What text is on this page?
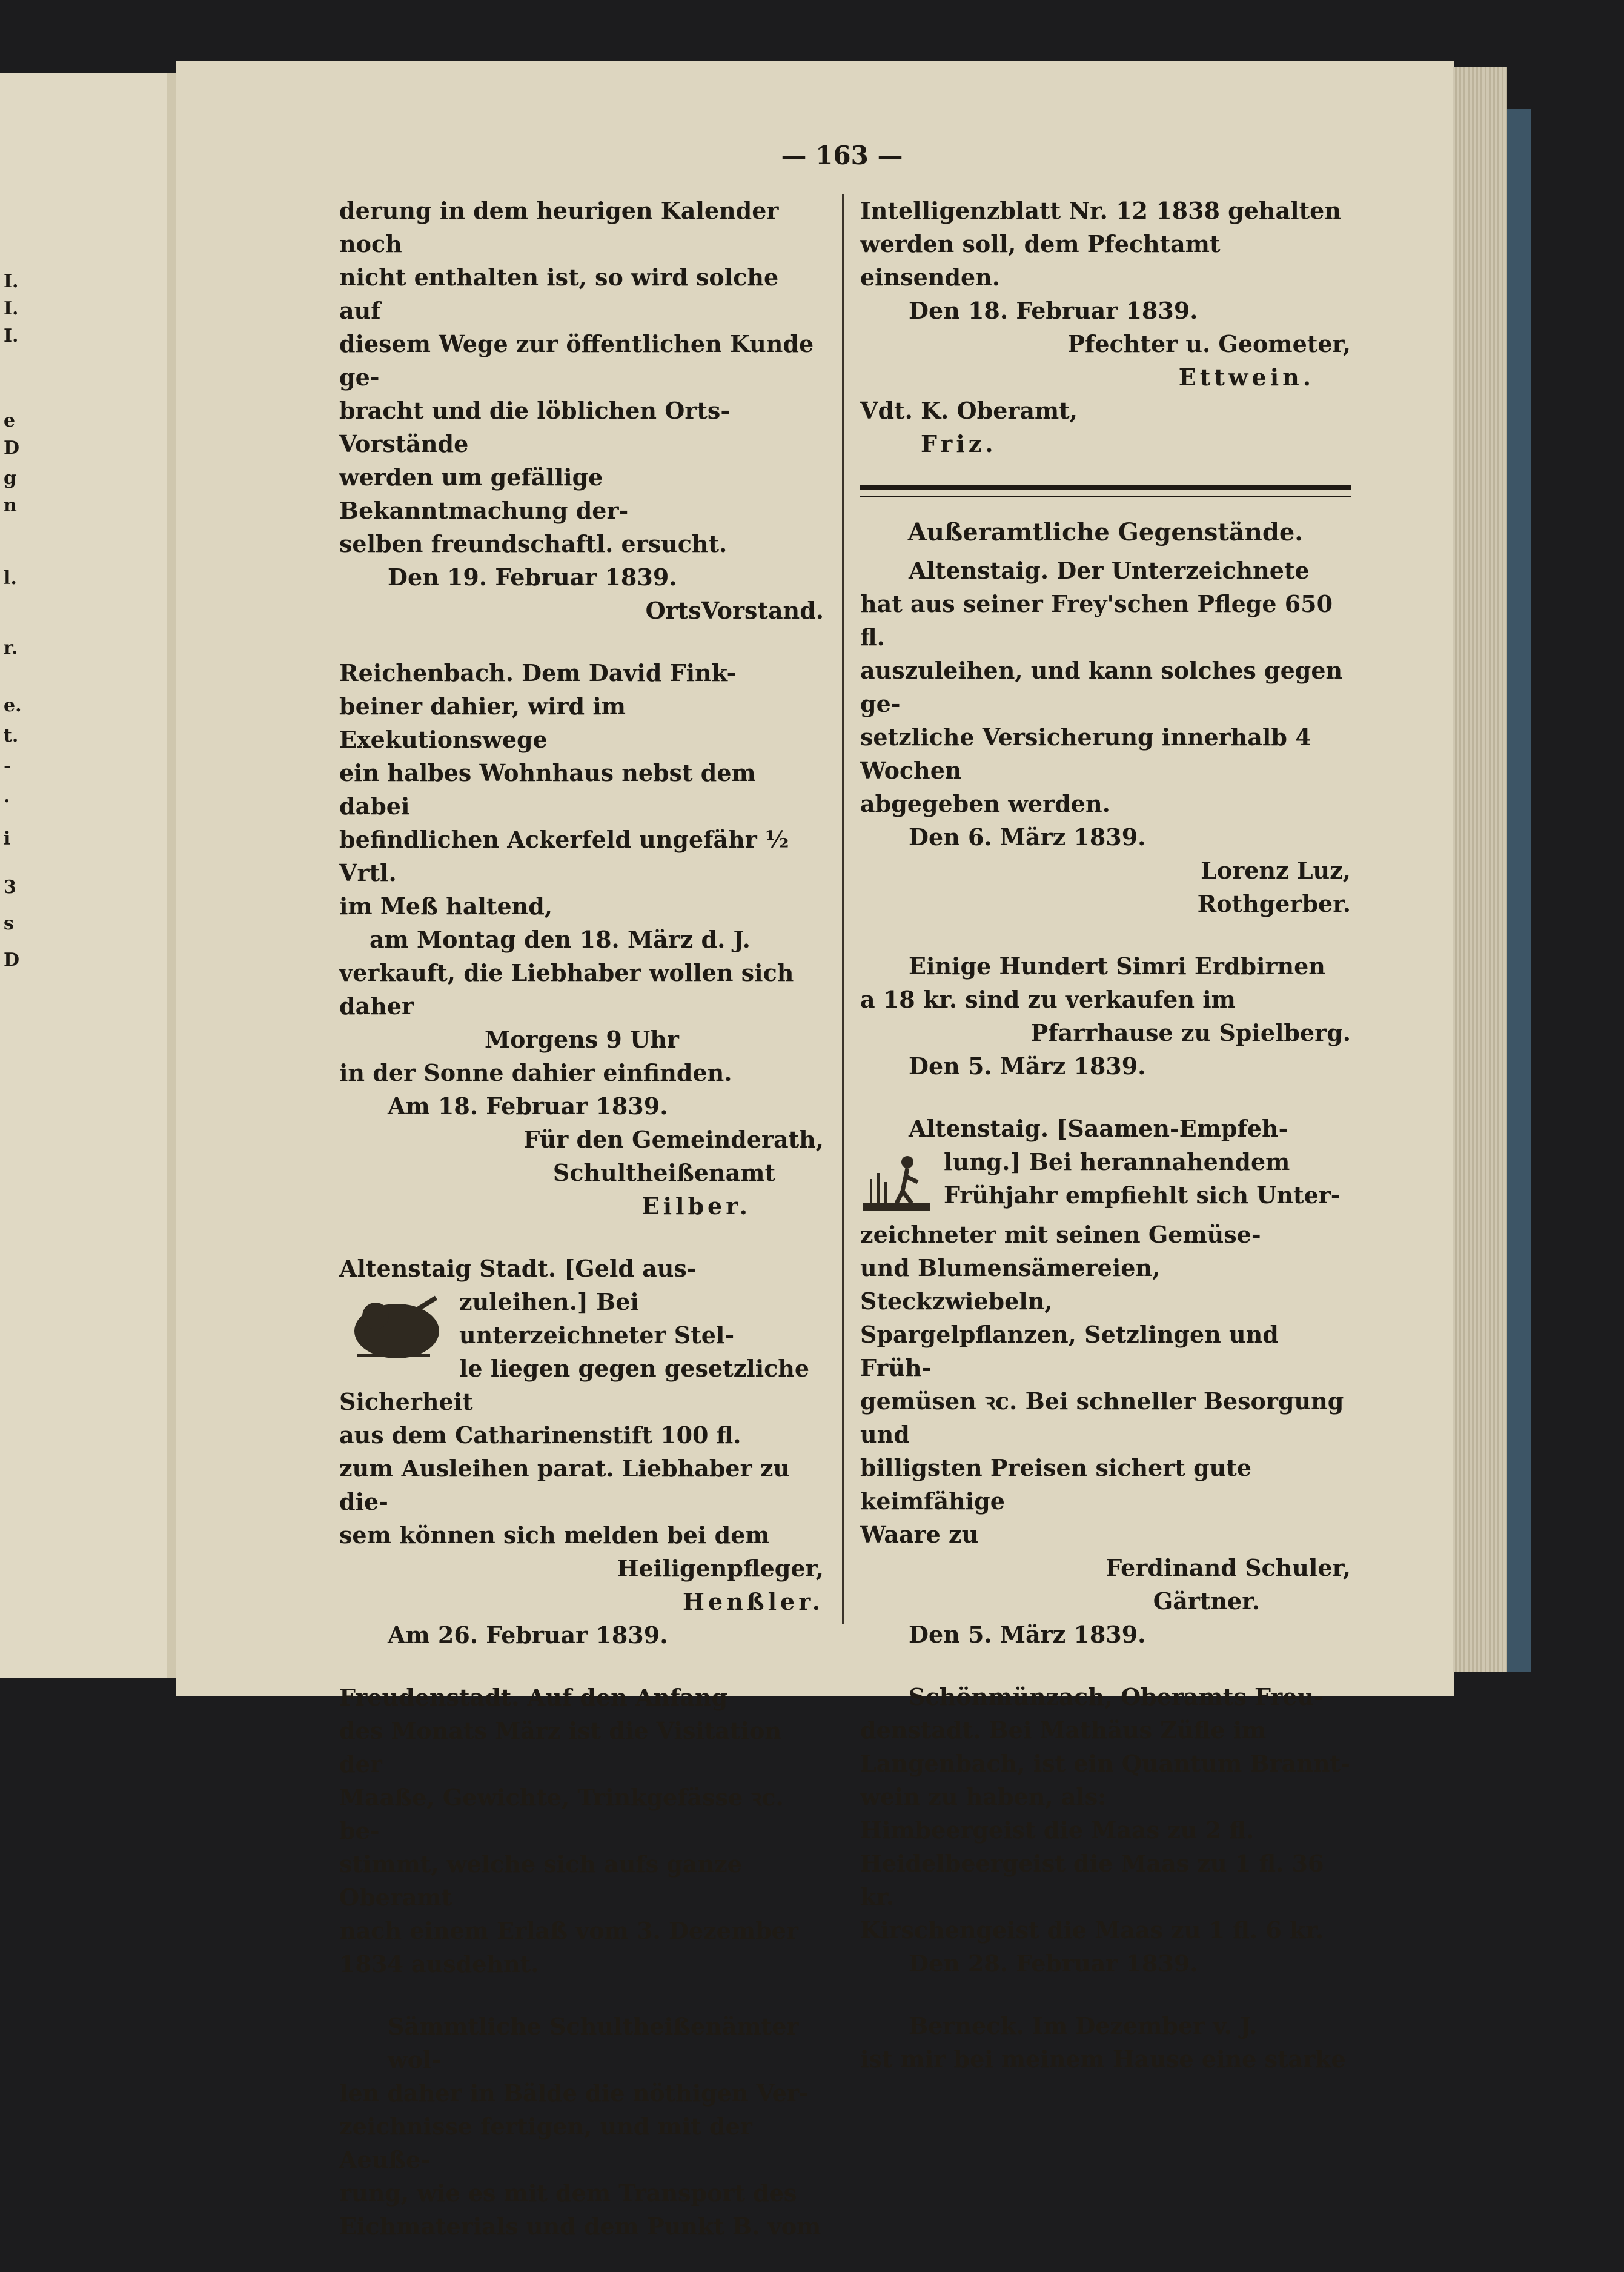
I.
I.
I.
e
D
g
n
l.
r.
e.
t.
-
.
i
3
s
D
— 163 —

derung in dem heurigen Kalender noch

nicht enthalten ist, so wird solche auf

diesem Wege zur öffentlichen Kunde ge-

bracht und die löblichen Orts-Vorstände

werden um gefällige Bekanntmachung der-

selben freundschaftl. ersucht.

Den 19. Februar 1839.

OrtsVorstand.

Reichenbach. Dem David Fink-

beiner dahier, wird im Exekutionswege

ein halbes Wohnhaus nebst dem dabei

befindlichen Ackerfeld ungefähr ½ Vrtl.

im Meß haltend,

am Montag den 18. März d. J.

verkauft, die Liebhaber wollen sich daher

Morgens 9 Uhr

in der Sonne dahier einfinden.

Am 18. Februar 1839.

Für den Gemeinderath,

Schultheißenamt

Eilber.

Altenstaig Stadt. [Geld aus-

zuleihen.] Bei unterzeichneter Stel-

le liegen gegen gesetzliche Sicherheit

aus dem Catharinenstift 100 fl.

zum Ausleihen parat. Liebhaber zu die-

sem können sich melden bei dem

Heiligenpfleger,

Henßler.

Am 26. Februar 1839.

Freudenstadt. Auf den Anfang

des Monats März ist die Visitation der

Maaße, Gewichte, Trinkgefässe ꝛc. be-

stimmt, welche sich aufs ganze Oberamt

nach einem Erlaß vom 3. Dezember

1834 ausdehnt.

Sämmtliche Schultheißenämter wol-

len daher in Bälde die nöthigen Ver-

zeichnisse fertigen, und mit der Aeuße-

rung, wie es mit dem Transport des

Eichmaterials und dem Punkt B. vom

Intelligenzblatt Nr. 12 1838 gehalten

werden soll, dem Pfechtamt einsenden.

Den 18. Februar 1839.

Pfechter u. Geometer,

Ettwein.

Vdt. K. Oberamt,

Friz.

Außeramtliche Gegenstände.

Altenstaig. Der Unterzeichnete

hat aus seiner Frey'schen Pflege 650 fl.

auszuleihen, und kann solches gegen ge-

setzliche Versicherung innerhalb 4 Wochen

abgegeben werden.

Den 6. März 1839.

Lorenz Luz,

Rothgerber.

Einige Hundert Simri Erdbirnen

a 18 kr. sind zu verkaufen im

Pfarrhause zu Spielberg.

Den 5. März 1839.

Altenstaig. [Saamen-Empfeh-

lung.] Bei herannahendem

Frühjahr empfiehlt sich Unter-

zeichneter mit seinen Gemüse-

und Blumensämereien, Steckzwiebeln,

Spargelpflanzen, Setzlingen und Früh-

gemüsen ꝛc. Bei schneller Besorgung und

billigsten Preisen sichert gute keimfähige

Waare zu

Ferdinand Schuler,

Gärtner.

Den 5. März 1839.

Schönmünzach, Oberamts Freu-

denstadt. Bei Mathäus Züfle im

Langenbach, ist ein Quantum Brannt-

wein zu haben, als:

Himbeergeist die Maas zu 2 fl.

Heidelbeergeist die Maas zu 1 fl. 36 kr.

Kirschengeist die Maas zu 1 fl. 6 kr.

Den 28. Februar 1839.

Berneck. Im Dezember v. J.

ist mir bei meinem Hause eine starke
